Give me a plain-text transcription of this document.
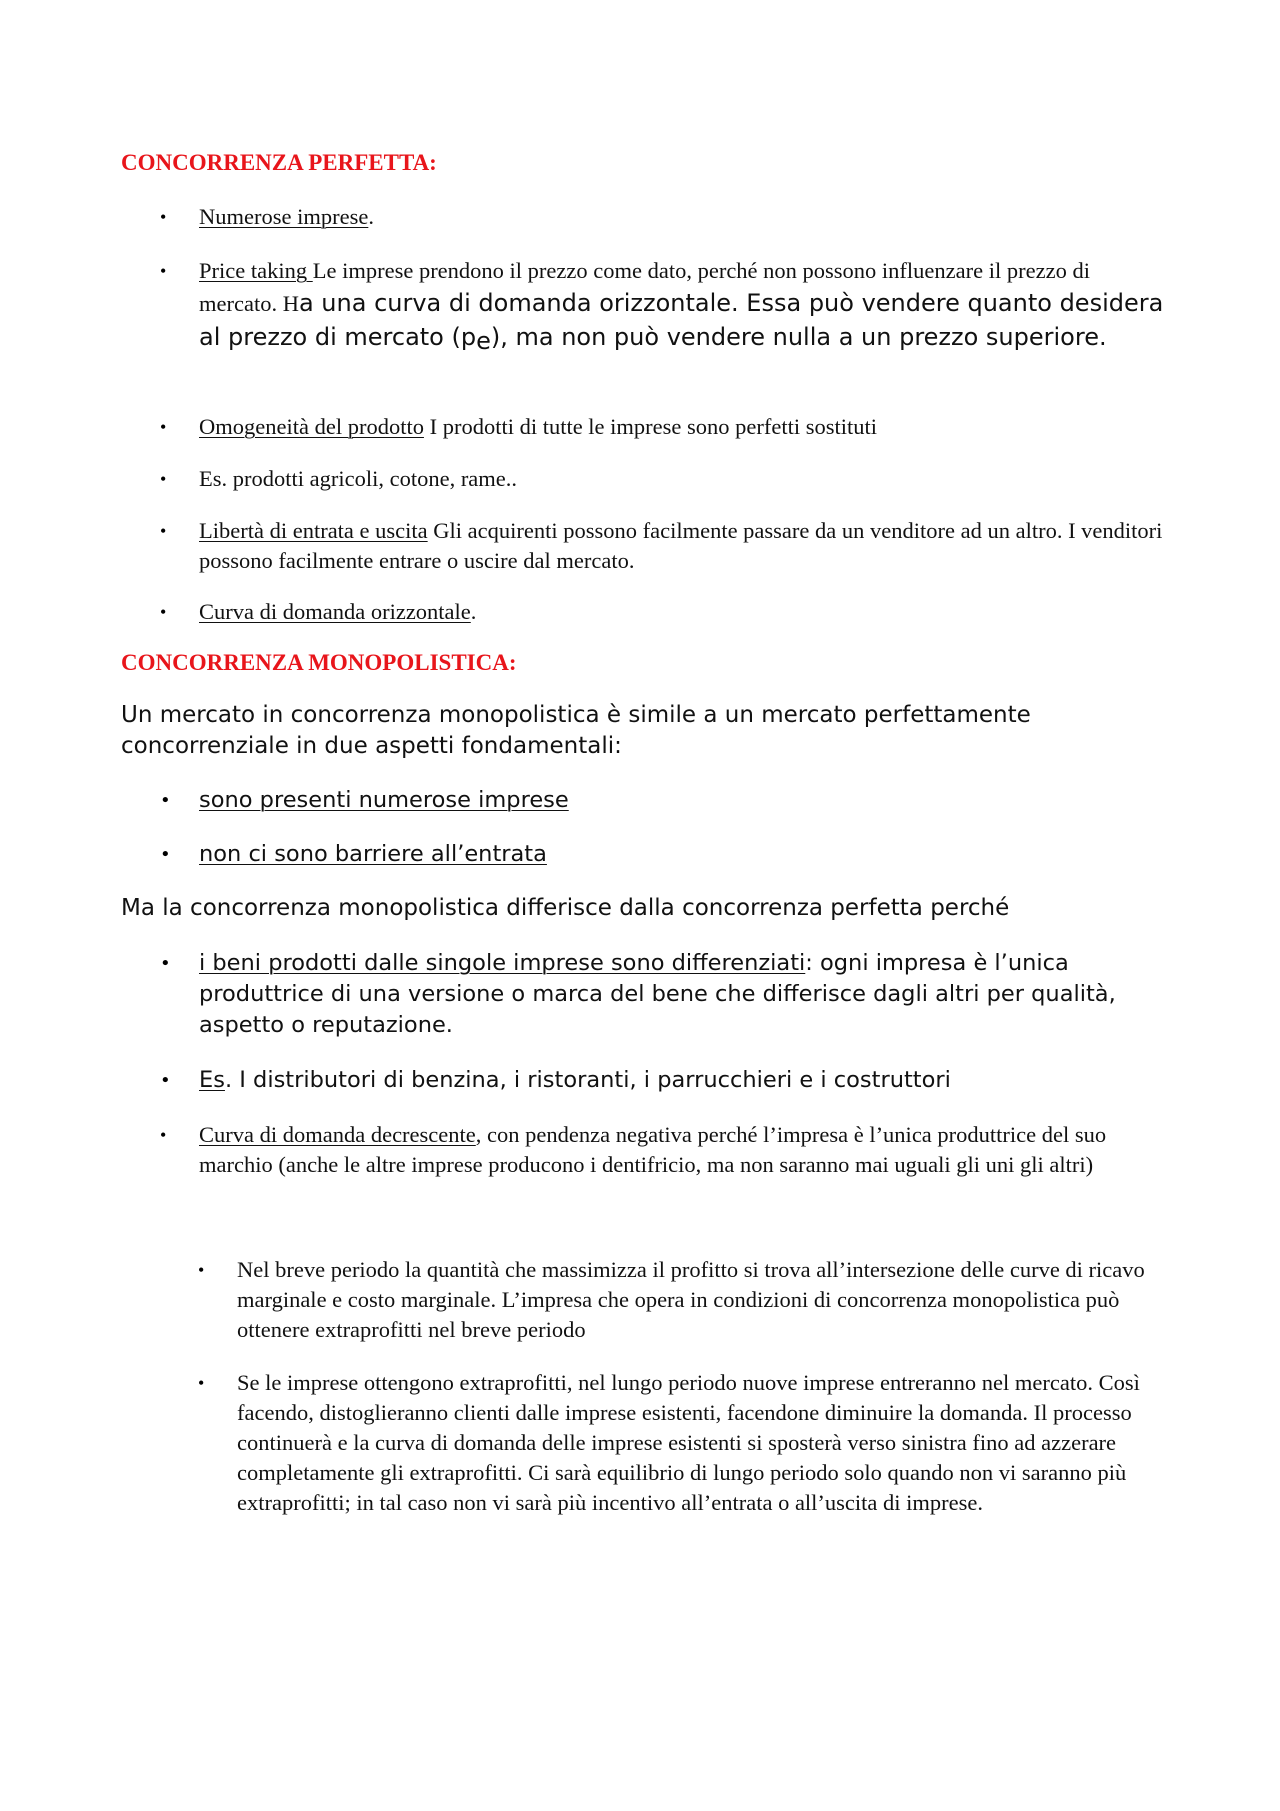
CONCORRENZA PERFETTA:
• Numerose imprese.
• Price taking Le imprese prendono il prezzo come dato, perché non possono influenzare il prezzo di mercato. Ha una curva di domanda orizzontale. Essa può vendere quanto desidera al prezzo di mercato $(p_e)$, ma non può vendere nulla a un prezzo superiore.
• Omogeneità del prodotto I prodotti di tutte le imprese sono perfetti sostituti
• Es. prodotti agricoli, cotone, rame..
• Libertà di entrata e uscita Gli acquirenti possono facilmente passare da un venditore ad un altro. I venditori possono facilmente entrare o uscire dal mercato.
• Curva di domanda orizzontale.
CONCORRENZA MONOPOLISTICA:

Un mercato in concorrenza monopolistica è simile a un mercato perfettamente concorrenziale in due aspetti fondamentali:

• sono presenti numerose imprese
• non ci sono barriere all’entrata

Ma la concorrenza monopolistica differisce dalla concorrenza perfetta perché

• i beni prodotti dalle singole imprese sono differenziati: ogni impresa è l’unica produttrice di una versione o marca del bene che differisce dagli altri per qualità, aspetto o reputazione.
• Es. I distributori di benzina, i ristoranti, i parrucchieri e i costruttori
• Curva di domanda decrescente, con pendenza negativa perché l’impresa è l’unica produttrice del suo marchio (anche le altre imprese producono i dentifricio, ma non saranno mai uguali gli uni gli altri)
• Nel breve periodo la quantità che massimizza il profitto si trova all’intersezione delle curve di ricavo marginale e costo marginale. L’impresa che opera in condizioni di concorrenza monopolistica può ottenere extraprofitti nel breve periodo
• Se le imprese ottengono extraprofitti, nel lungo periodo nuove imprese entreranno nel mercato. Così facendo, distoglieranno clienti dalle imprese esistenti, facendone diminuire la domanda. Il processo continuerà e la curva di domanda delle imprese esistenti si sposterà verso sinistra fino ad azzerare completamente gli extraprofitti. Ci sarà equilibrio di lungo periodo solo quando non vi saranno più extraprofitti; in tal caso non vi sarà più incentivo all’entrata o all’uscita di imprese.
